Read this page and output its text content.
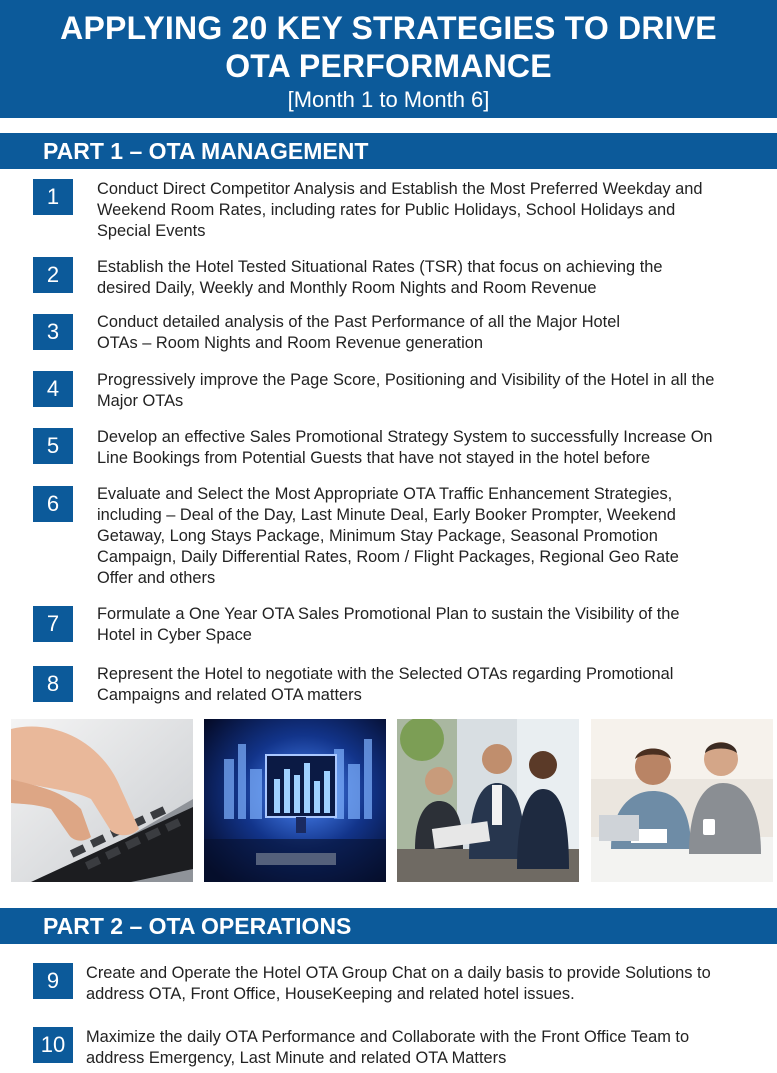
APPLYING 20 KEY STRATEGIES TO DRIVE
OTA PERFORMANCE
[Month 1 to Month 6]
PART 1 – OTA MANAGEMENT
1	Conduct Direct Competitor Analysis and Establish the Most Preferred Weekday and
Weekend Room Rates, including rates for Public Holidays, School Holidays and
Special Events
2	Establish the Hotel Tested Situational Rates (TSR) that focus on achieving the
desired Daily, Weekly and Monthly Room Nights and Room Revenue
3	Conduct detailed analysis of the Past Performance of all the Major Hotel
OTAs – Room Nights and Room Revenue generation
4	Progressively improve the Page Score, Positioning and Visibility of the Hotel in all the
Major OTAs
5	Develop an effective Sales Promotional Strategy System to successfully Increase On
Line Bookings from Potential Guests that have not stayed in the hotel before
6	Evaluate and Select the Most Appropriate OTA Traffic Enhancement Strategies,
including – Deal of the Day, Last Minute Deal, Early Booker Prompter, Weekend
Getaway, Long Stays Package, Minimum Stay Package, Seasonal Promotion
Campaign, Daily Differential Rates, Room / Flight Packages, Regional Geo Rate
Offer and others
7	Formulate a One Year OTA Sales Promotional Plan to sustain the Visibility of the
Hotel in Cyber Space
8	Represent the Hotel to negotiate with the Selected OTAs regarding Promotional
Campaigns and related OTA matters
PART 2 – OTA OPERATIONS
9	Create and Operate the Hotel OTA Group Chat on a daily basis to provide Solutions to
address OTA, Front Office, HouseKeeping and related hotel issues.
10	Maximize the daily OTA Performance and Collaborate with the Front Office Team to
address Emergency, Last Minute and related OTA Matters
